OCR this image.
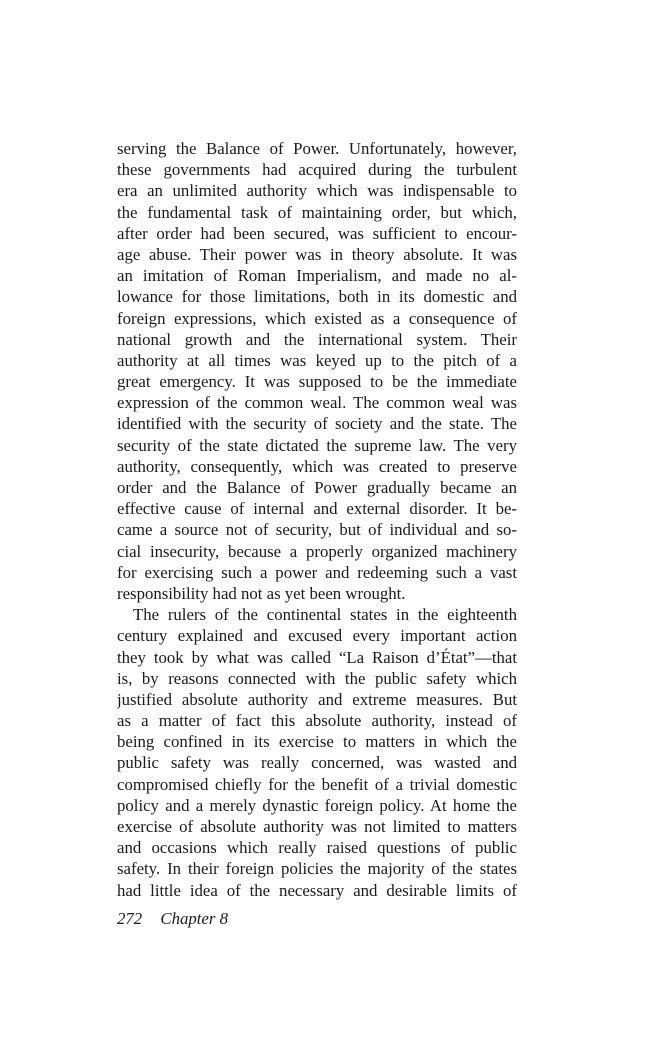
serving the Balance of Power. Unfortunately, however,
these governments had acquired during the turbulent
era an unlimited authority which was indispensable to
the fundamental task of maintaining order, but which,
after order had been secured, was sufficient to encour-
age abuse. Their power was in theory absolute. It was
an imitation of Roman Imperialism, and made no al-
lowance for those limitations, both in its domestic and
foreign expressions, which existed as a consequence of
national growth and the international system. Their
authority at all times was keyed up to the pitch of a
great emergency. It was supposed to be the immediate
expression of the common weal. The common weal was
identified with the security of society and the state. The
security of the state dictated the supreme law. The very
authority, consequently, which was created to preserve
order and the Balance of Power gradually became an
effective cause of internal and external disorder. It be-
came a source not of security, but of individual and so-
cial insecurity, because a properly organized machinery
for exercising such a power and redeeming such a vast
responsibility had not as yet been wrought.
The rulers of the continental states in the eighteenth
century explained and excused every important action
they took by what was called “La Raison d’État”—that
is, by reasons connected with the public safety which
justified absolute authority and extreme measures. But
as a matter of fact this absolute authority, instead of
being confined in its exercise to matters in which the
public safety was really concerned, was wasted and
compromised chiefly for the benefit of a trivial domestic
policy and a merely dynastic foreign policy. At home the
exercise of absolute authority was not limited to matters
and occasions which really raised questions of public
safety. In their foreign policies the majority of the states
had little idea of the necessary and desirable limits of
272 Chapter 8
